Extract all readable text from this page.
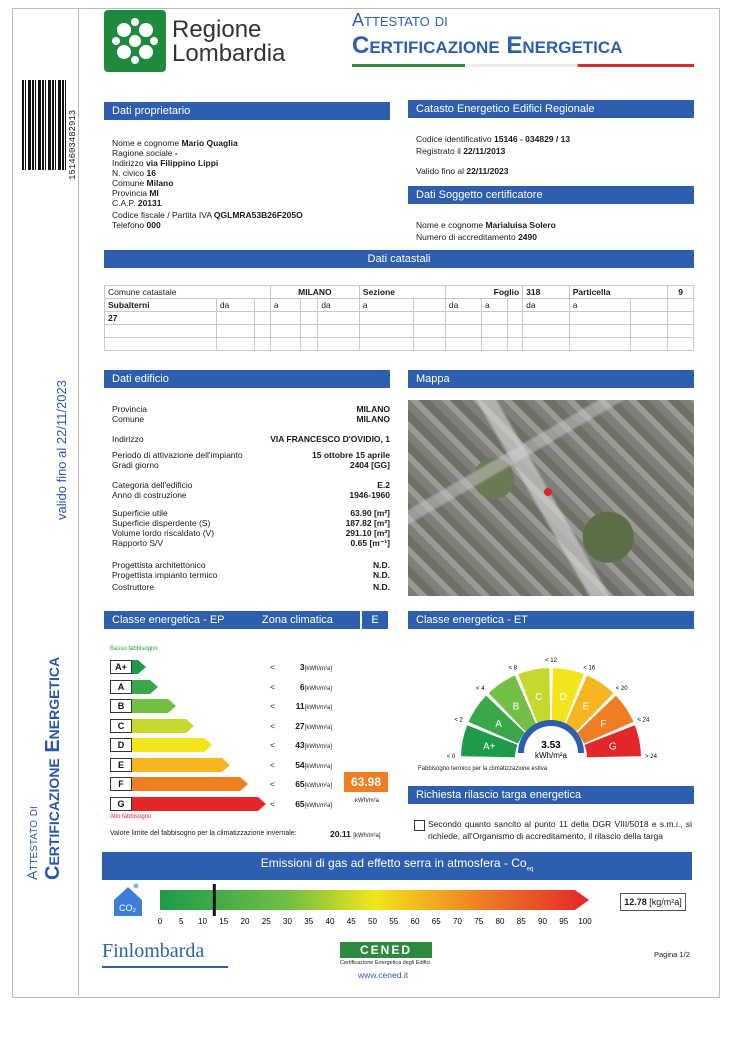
1514603482913
valido fino al 22/11/2023
Attestato di Certificazione Energetica
Regione
Lombardia
Attestato di
Certificazione Energetica
Dati proprietario	Catasto Energetico Edifici Regionale
Codice identificativo 15146 - 034829 / 13
Registrato il 22/11/2013
Valido fino al 22/11/2023
Dati Soggetto certificatore
Nome e cognome Marialuisa Solero
Numero di accreditamento 2490
Dati catastali
Comune catastale			MILANO			Sezione		Foglio			318	Particella		9
Subalterni	da		a		da	a		da	a		da	a		
27														

Dati edificio	Mappa
Classe energetica - EP	Zona climatica	E
Basso fabbisogno
63.98
kWh/m²a
Alto fabbisogno
Valore limite del fabbisogno per la climatizzazione invernale:	20.11 [kWh/m²a]
Classe energetica - ET
A+
A
B
C D
E
F
G
< 0
< 2
< 4
< 8
< 12
< 16
< 20
< 24
> 24
3.53
kWh/m²a
Fabbisogno termico per la climatizzazione estiva
Richiesta rilascio targa energetica
Secondo quanto sancito al punto 11 della DGR VIII/5018 e s.m.i., si richiede, all'Organismo di accreditamento, il rilascio della targa
Emissioni di gas ad effetto serra in atmosfera - $Co_{eq}$
CO₂
0 5 10 15 20 25 30 35 40 45 50 55 60 65 70 75 80 85 90 95 100
12.78 [kg/m²a]
Finlombarda	CENED
Certificazione Energetica degli Edifici
www.cened.it
Pagina 1/2
Nome e cognome Mario Quaglia
Ragione sociale -
Indirizzo via Filippino Lippi
N. civico 16
Comune Milano
Provincia MI
C.A.P. 20131
Codice fiscale / Partita IVA QGLMRA53B26F205O
Telefono 000
Provincia	MILANO
Comune	MILANO
Indirizzo	VIA FRANCESCO D'OVIDIO, 1
Periodo di attivazione dell'impianto	15 ottobre 15 aprile
Gradi giorno	2404 [GG]
Categoria dell'edificio	E.2
Anno di costruzione	1946-1960
Superficie utile	63.90 [m²]
Superficie disperdente (S)	187.82 [m²]
Volume lordo riscaldato (V)	291.10 [m³]
Rapporto S/V	0.65 [m⁻¹]
Progettista architettonico	N.D.
Progettista impianto termico	N.D.
Costruttore	N.D.
A+	<	3[kWh/m²a]
A	<	6[kWh/m²a]
B	<	11[kWh/m²a]
C	<	27[kWh/m²a]
D	<	43[kWh/m²a]
E	<	54[kWh/m²a]
F	<	65[kWh/m²a]
G	<	65[kWh/m²a]
